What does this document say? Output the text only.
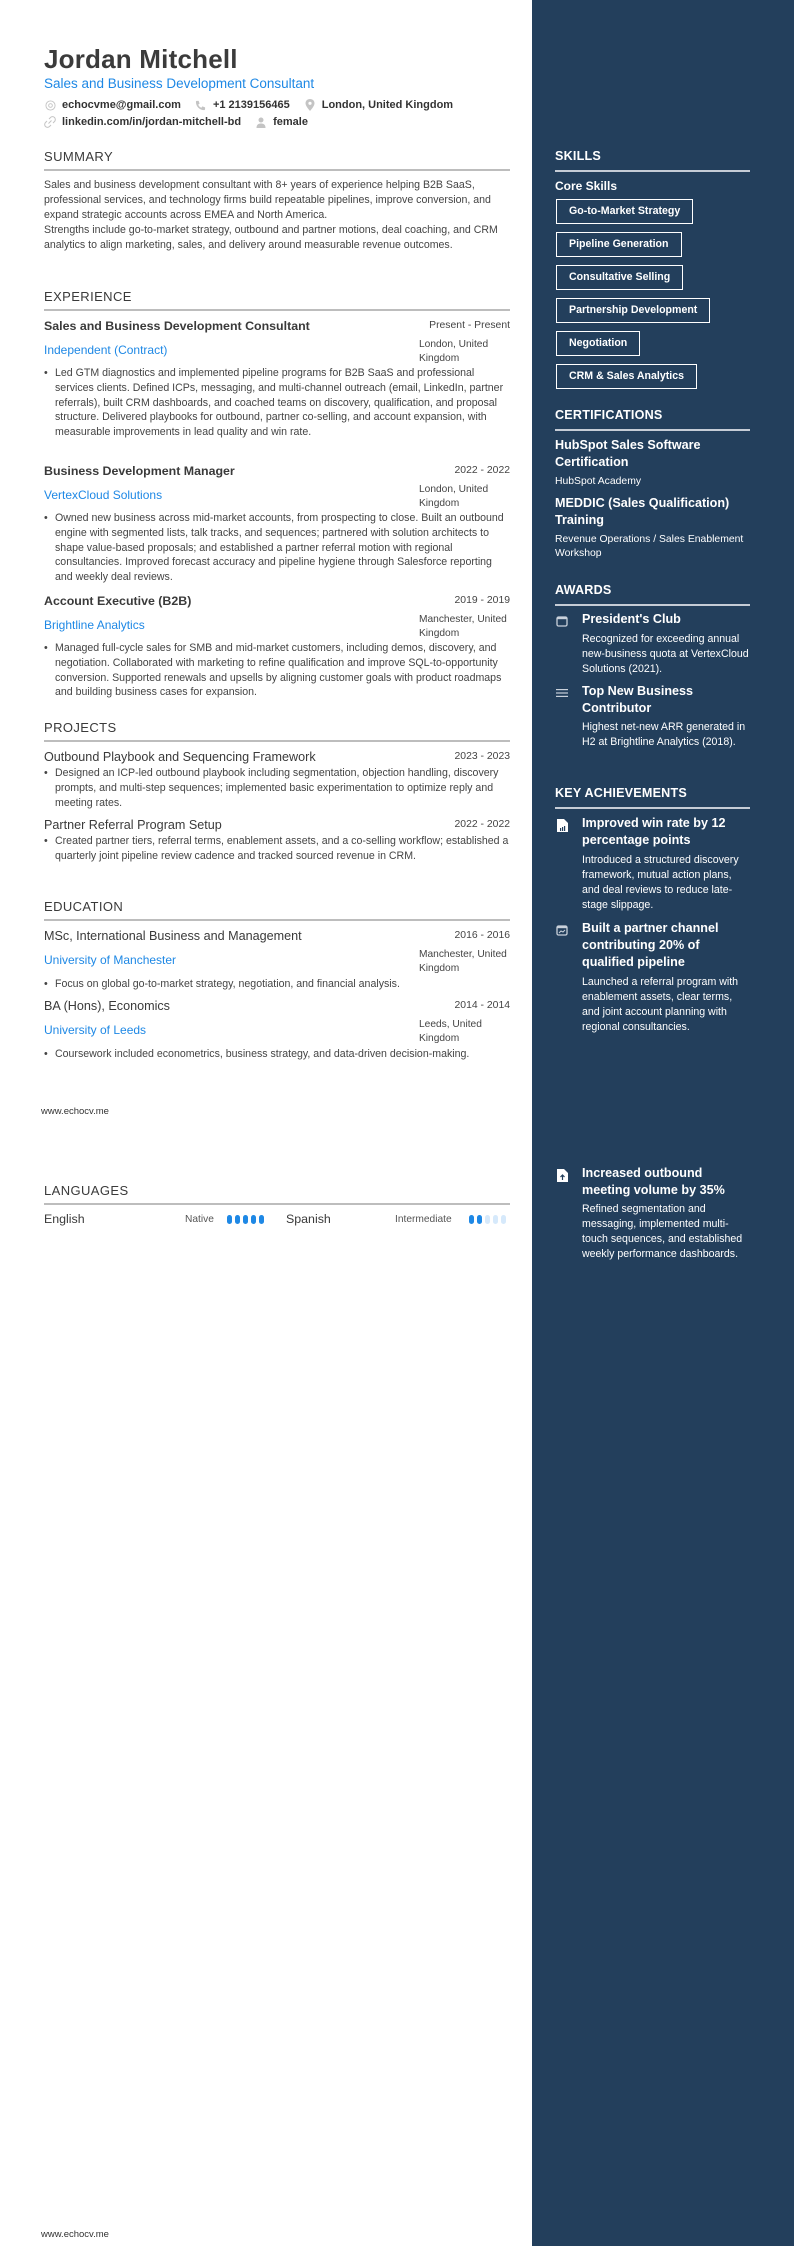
Jordan Mitchell
Sales and Business Development Consultant
echocvme@gmail.com	+1 2139156465	London, United Kingdom
linkedin.com/in/jordan-mitchell-bd	female
SUMMARY
Sales and business development consultant with 8+ years of experience helping B2B SaaS, professional services, and technology firms build repeatable pipelines, improve conversion, and expand strategic accounts across EMEA and North America.
Strengths include go-to-market strategy, outbound and partner motions, deal coaching, and CRM analytics to align marketing, sales, and delivery around measurable revenue outcomes.
EXPERIENCE
Sales and Business Development Consultant	Present - Present
Independent (Contract)	London, United Kingdom
• Led GTM diagnostics and implemented pipeline programs for B2B SaaS and professional services clients. Defined ICPs, messaging, and multi-channel outreach (email, LinkedIn, partner referrals), built CRM dashboards, and coached teams on discovery, qualification, and proposal structure. Delivered playbooks for outbound, partner co-selling, and account expansion, with measurable improvements in lead quality and win rate.
Business Development Manager	2022 - 2022
VertexCloud Solutions	London, United Kingdom
• Owned new business across mid-market accounts, from prospecting to close. Built an outbound engine with segmented lists, talk tracks, and sequences; partnered with solution architects to shape value-based proposals; and established a partner referral motion with regional consultancies. Improved forecast accuracy and pipeline hygiene through Salesforce reporting and weekly deal reviews.
Account Executive (B2B)	2019 - 2019
Brightline Analytics	Manchester, United Kingdom
• Managed full-cycle sales for SMB and mid-market customers, including demos, discovery, and negotiation. Collaborated with marketing to refine qualification and improve SQL-to-opportunity conversion. Supported renewals and upsells by aligning customer goals with product roadmaps and building business cases for expansion.
PROJECTS
Outbound Playbook and Sequencing Framework	2023 - 2023
• Designed an ICP-led outbound playbook including segmentation, objection handling, discovery prompts, and multi-step sequences; implemented basic experimentation to optimize reply and meeting rates.
Partner Referral Program Setup	2022 - 2022
• Created partner tiers, referral terms, enablement assets, and a co-selling workflow; established a quarterly joint pipeline review cadence and tracked sourced revenue in CRM.
EDUCATION
MSc, International Business and Management	2016 - 2016
University of Manchester	Manchester, United Kingdom
• Focus on global go-to-market strategy, negotiation, and financial analysis.
BA (Hons), Economics	2014 - 2014
University of Leeds	Leeds, United Kingdom
• Coursework included econometrics, business strategy, and data-driven decision-making.
LANGUAGES
English	Native	Spanish	Intermediate
www.echocv.me
www.echocv.me
SKILLS
Core Skills
Go-to-Market Strategy
Pipeline Generation
Consultative Selling
Partnership Development
Negotiation
CRM & Sales Analytics
CERTIFICATIONS
HubSpot Sales Software Certification
HubSpot Academy
MEDDIC (Sales Qualification) Training
Revenue Operations / Sales Enablement Workshop
AWARDS
President's Club
Recognized for exceeding annual new-business quota at VertexCloud Solutions (2021).
Top New Business Contributor
Highest net-new ARR generated in H2 at Brightline Analytics (2018).
KEY ACHIEVEMENTS
Improved win rate by 12 percentage points
Introduced a structured discovery framework, mutual action plans, and deal reviews to reduce late-stage slippage.
Built a partner channel contributing 20% of qualified pipeline
Launched a referral program with enablement assets, clear terms, and joint account planning with regional consultancies.
Increased outbound meeting volume by 35%
Refined segmentation and messaging, implemented multi-touch sequences, and established weekly performance dashboards.
